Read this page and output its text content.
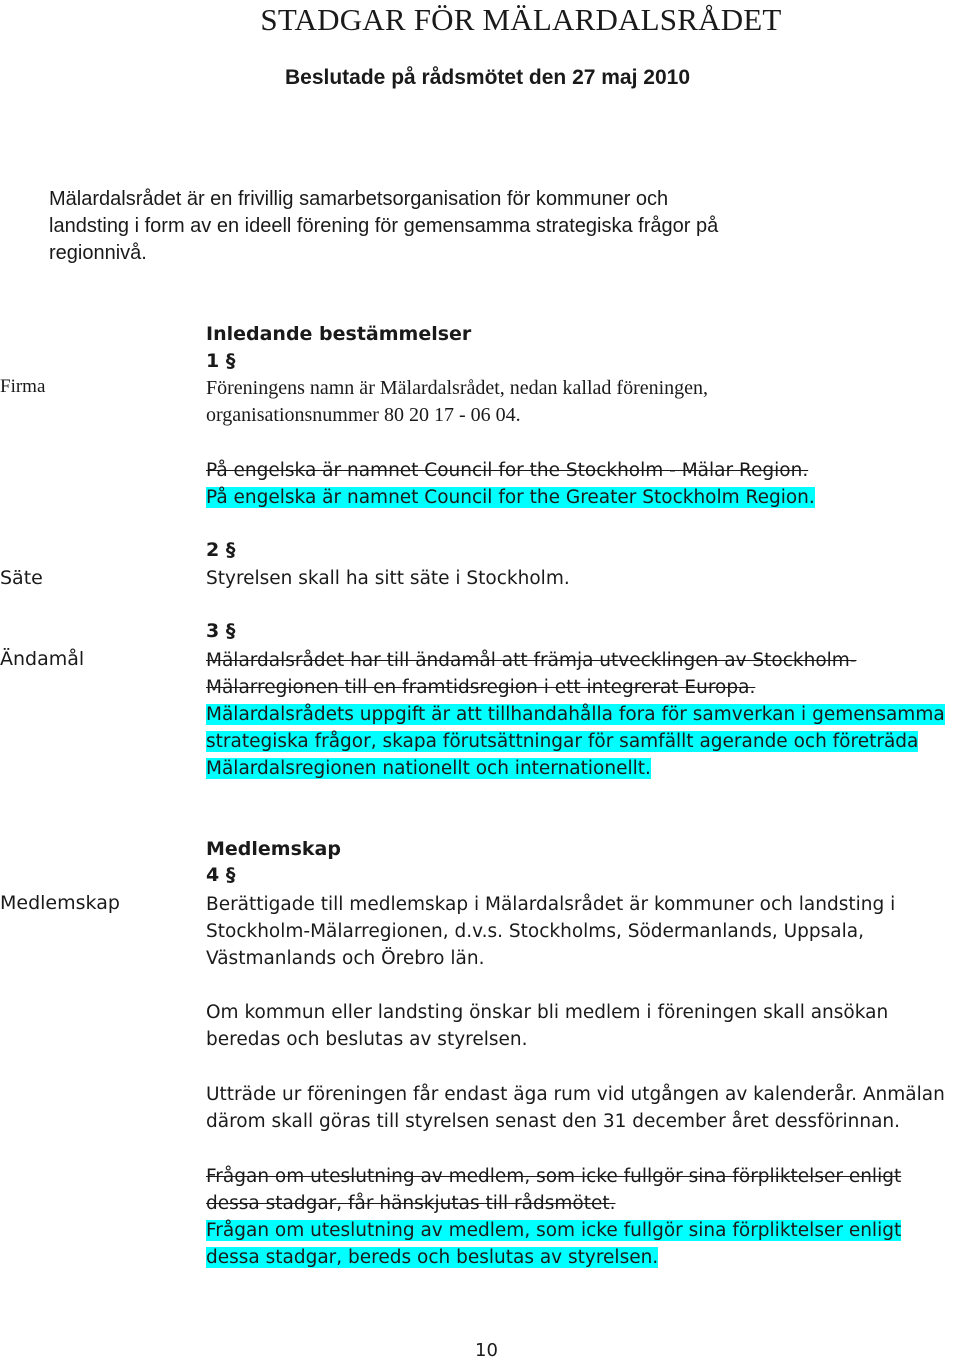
STADGAR FÖR MÄLARDALSRÅDET
Beslutade på rådsmötet den 27 maj 2010
Mälardalsrådet är en frivillig samarbetsorganisation för kommuner och
landsting i form av en ideell förening för gemensamma strategiska frågor på
regionnivå.
Firma
Säte
Ändamål
Medlemskap
Inledande bestämmelser
1 §
Föreningens namn är Mälardalsrådet, nedan kallad föreningen,
organisationsnummer 80 20 17 - 06 04.
På engelska är namnet Council for the Stockholm - Mälar Region.
På engelska är namnet Council for the Greater Stockholm Region.
2 §
Styrelsen skall ha sitt säte i Stockholm.
3 §
Mälardalsrådet har till ändamål att främja utvecklingen av Stockholm-
Mälarregionen till en framtidsregion i ett integrerat Europa.
Mälardalsrådets uppgift är att tillhandahålla fora för samverkan i gemensamma
strategiska frågor, skapa förutsättningar för samfällt agerande och företräda
Mälardalsregionen nationellt och internationellt.
Medlemskap
4 §
Berättigade till medlemskap i Mälardalsrådet är kommuner och landsting i
Stockholm-Mälarregionen, d.v.s. Stockholms, Södermanlands, Uppsala,
Västmanlands och Örebro län.
Om kommun eller landsting önskar bli medlem i föreningen skall ansökan
beredas och beslutas av styrelsen.
Utträde ur föreningen får endast äga rum vid utgången av kalenderår. Anmälan
därom skall göras till styrelsen senast den 31 december året dessförinnan.
Frågan om uteslutning av medlem, som icke fullgör sina förpliktelser enligt
dessa stadgar, får hänskjutas till rådsmötet.
Frågan om uteslutning av medlem, som icke fullgör sina förpliktelser enligt
dessa stadgar, bereds och beslutas av styrelsen.
10
